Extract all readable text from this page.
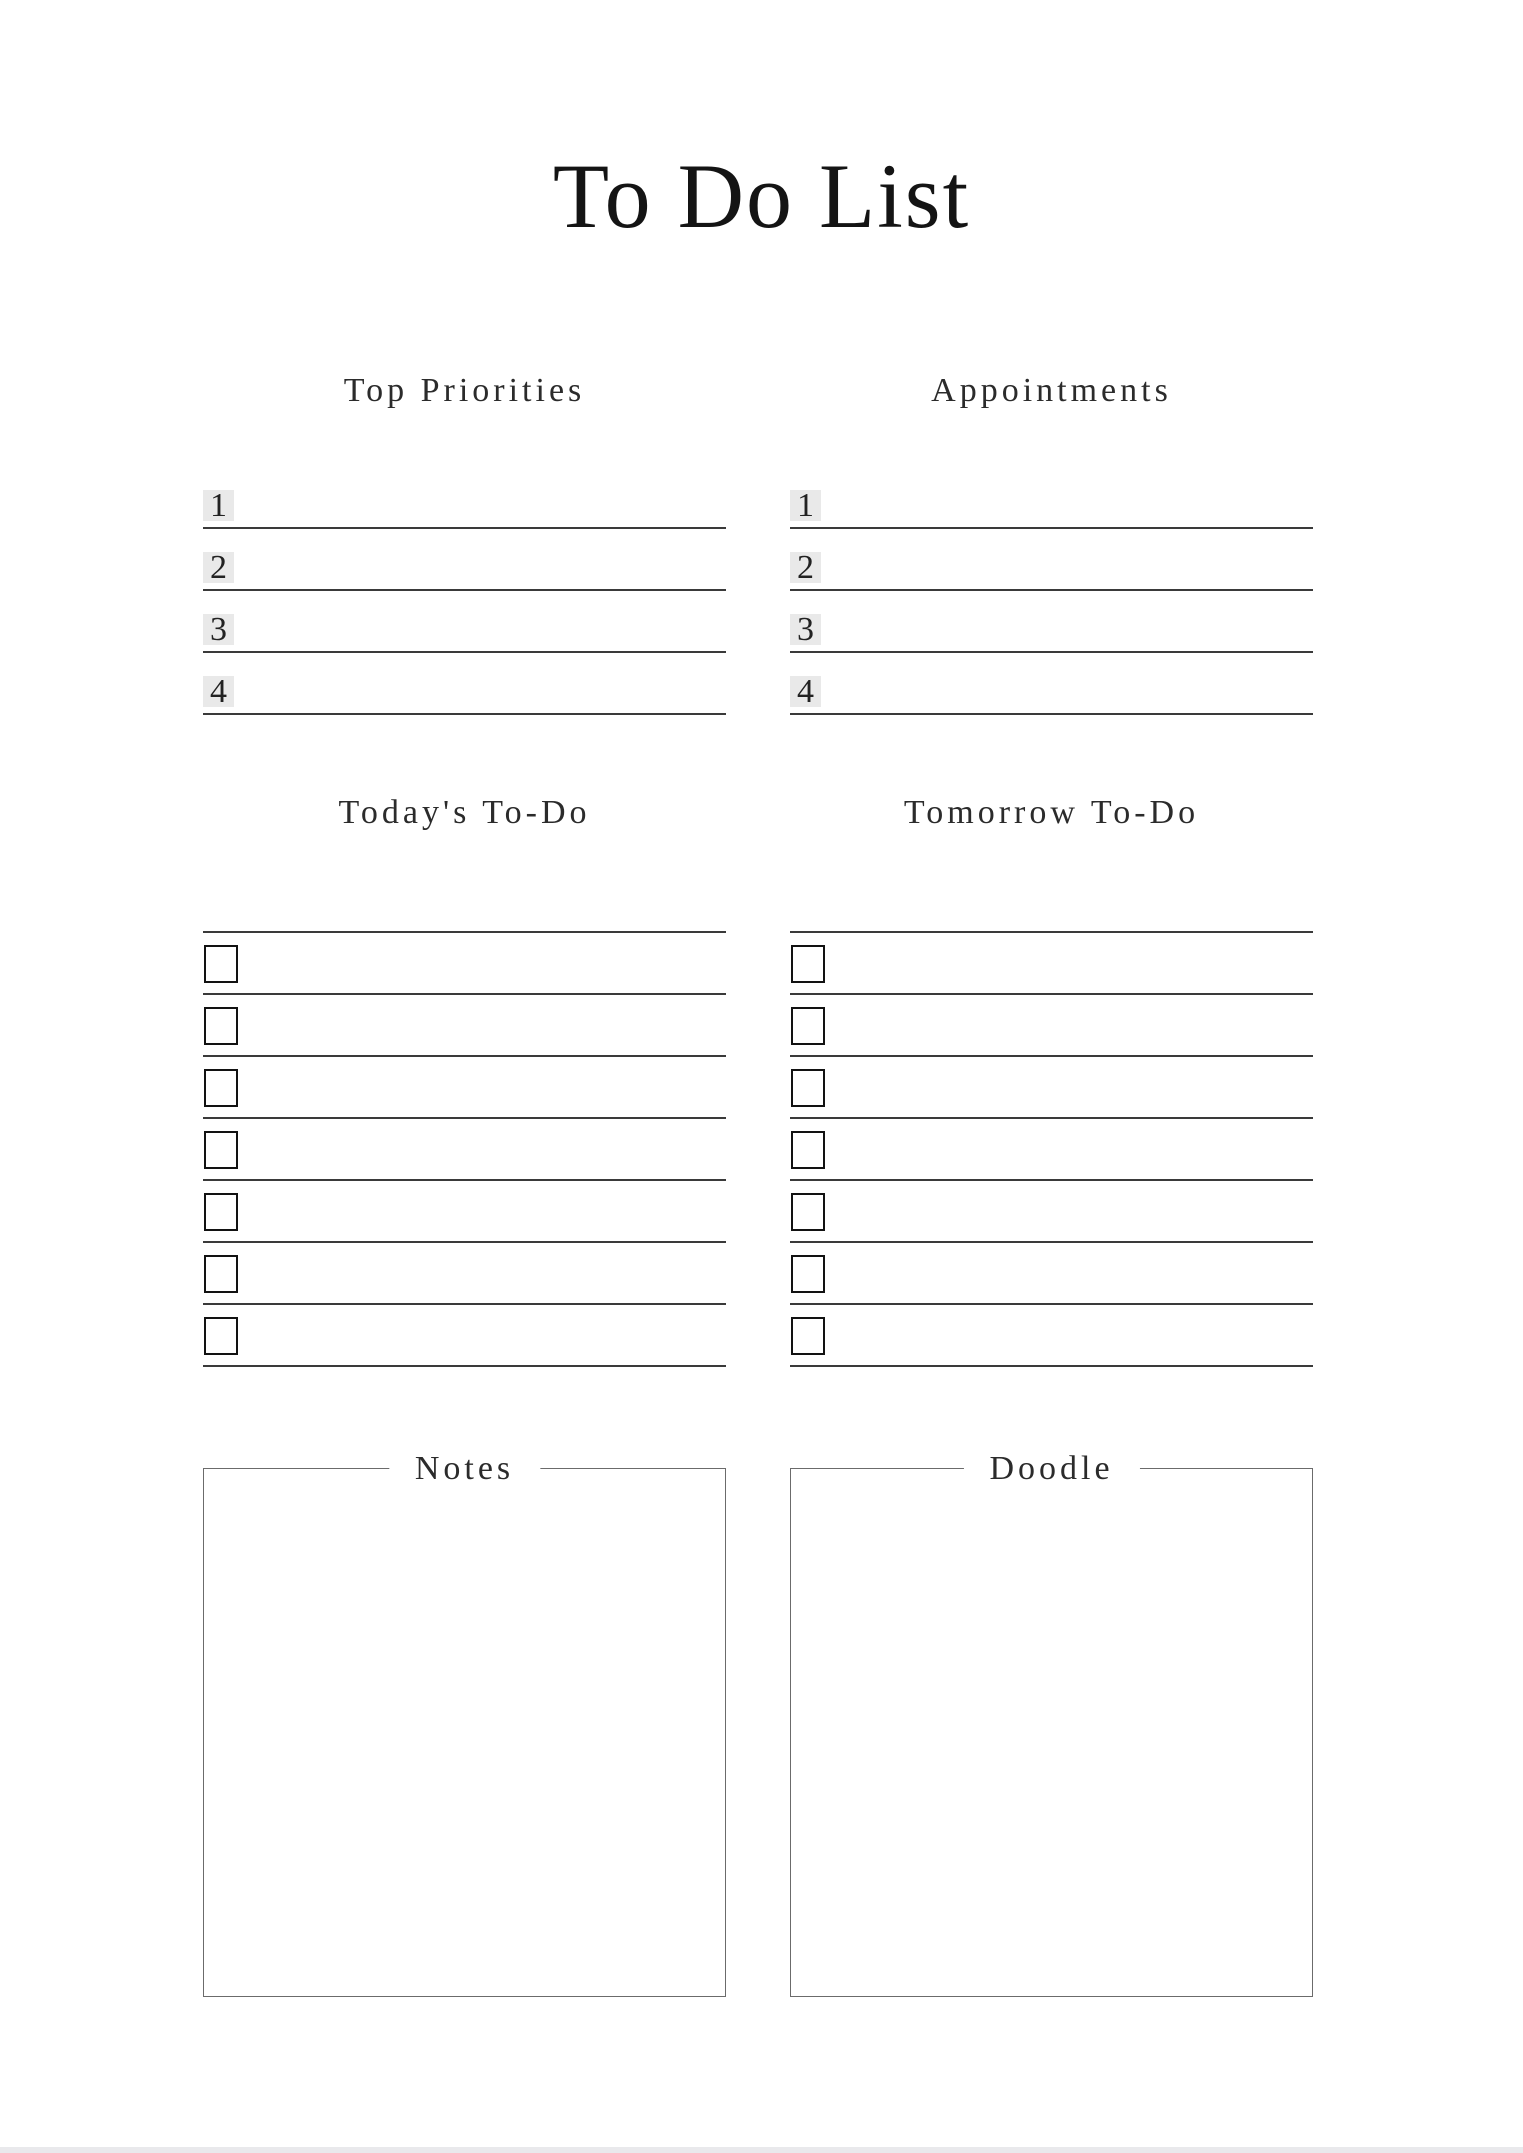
To Do List
Top Priorities	Appointments
1
2
3
4
1
2
3
4
Today's To-Do	Tomorrow To-Do
Notes	Doodle
